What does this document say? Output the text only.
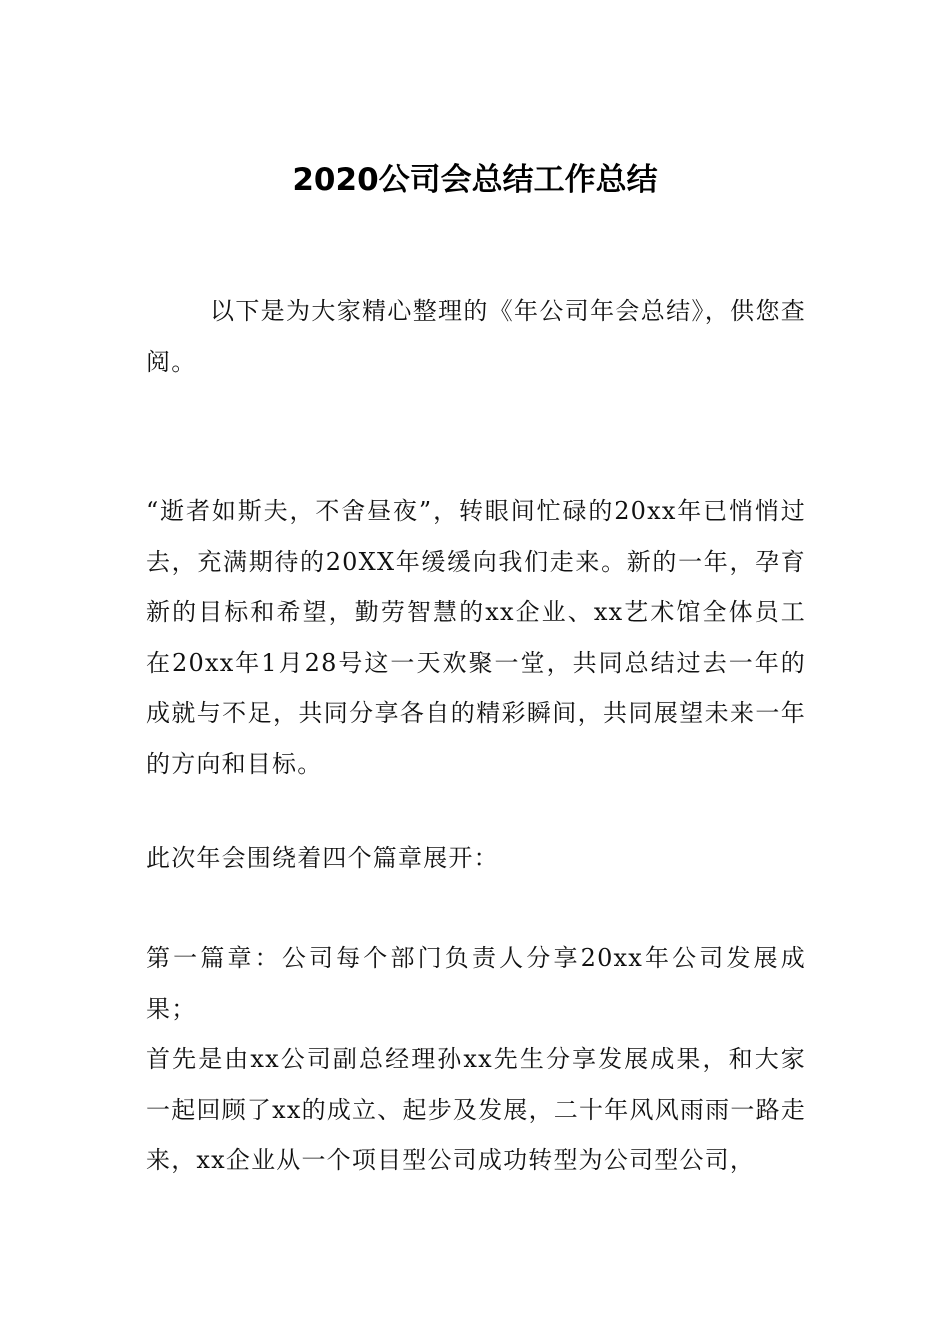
2020公司会总结工作总结

以下是为大家精心整理的《年公司年会总结》，供您查阅。

“逝者如斯夫，不舍昼夜”，转眼间忙碌的20xx年已悄悄过去，充满期待的20XX年缓缓向我们走来。新的一年，孕育新的目标和希望，勤劳智慧的xx企业、xx艺术馆全体员工在20xx年1月28号这一天欢聚一堂，共同总结过去一年的成就与不足，共同分享各自的精彩瞬间，共同展望未来一年的方向和目标。

此次年会围绕着四个篇章展开：

第一篇章：公司每个部门负责人分享20xx年公司发展成果；

首先是由xx公司副总经理孙xx先生分享发展成果，和大家一起回顾了xx的成立、起步及发展，二十年风风雨雨一路走来，xx企业从一个项目型公司成功转型为公司型公司，
